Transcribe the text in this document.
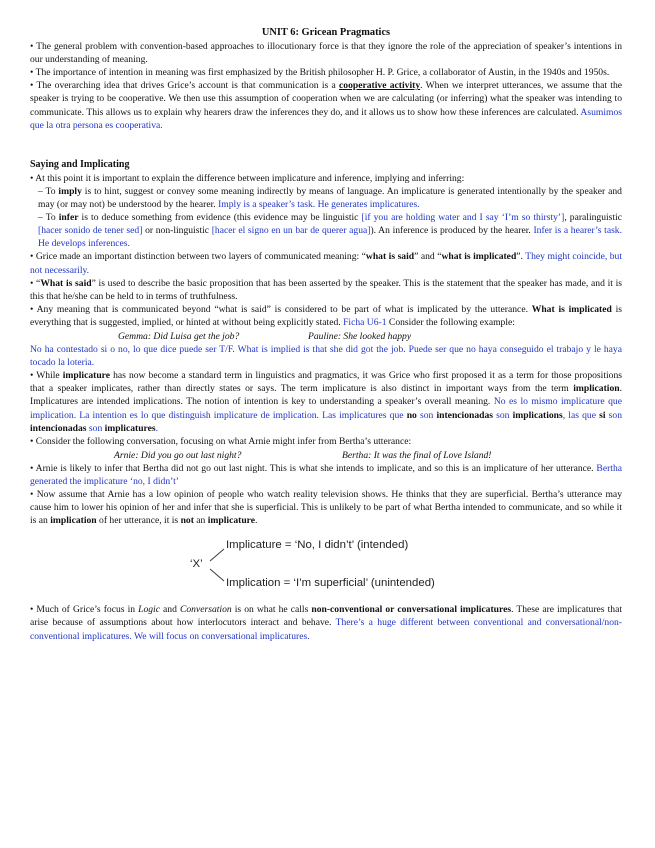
UNIT 6: Gricean Pragmatics

• The general problem with convention-based approaches to illocutionary force is that they ignore the role of the appreciation of speaker’s intentions in our understanding of meaning.

• The importance of intention in meaning was first emphasized by the British philosopher H. P. Grice, a collaborator of Austin, in the 1940s and 1950s.

• The overarching idea that drives Grice’s account is that communication is a cooperative activity. When we interpret utterances, we assume that the speaker is trying to be cooperative. We then use this assumption of cooperation when we are calculating (or inferring) what the speaker was intending to communicate. This allows us to explain why hearers draw the inferences they do, and it allows us to show how these inferences are calculated. Asumimos que la otra persona es cooperativa.

Saying and Implicating

• At this point it is important to explain the difference between implicature and inference, implying and inferring:

– To imply is to hint, suggest or convey some meaning indirectly by means of language. An implicature is generated intentionally by the speaker and may (or may not) be understood by the hearer. Imply is a speaker’s task. He generates implicatures.

– To infer is to deduce something from evidence (this evidence may be linguistic [if you are holding water and I say ‘I’m so thirsty’], paralinguistic [hacer sonido de tener sed] or non-linguistic [hacer el signo en un bar de querer agua]). An inference is produced by the hearer. Infer is a hearer’s task. He develops inferences.

• Grice made an important distinction between two layers of communicated meaning: “what is said” and “what is implicated”. They might coincide, but not necessarily.

• “What is said” is used to describe the basic proposition that has been asserted by the speaker. This is the statement that the speaker has made, and it is this that he/she can be held to in terms of truthfulness.

• Any meaning that is communicated beyond “what is said” is considered to be part of what is implicated by the utterance. What is implicated is everything that is suggested, implied, or hinted at without being explicitly stated. Ficha U6-1 Consider the following example:

Gemma: Did Luisa get the job?	Pauline: She looked happy

No ha contestado si o no, lo que dice puede ser T/F. What is implied is that she did got the job. Puede ser que no haya conseguido el trabajo y le haya tocado la loteria.

• While implicature has now become a standard term in linguistics and pragmatics, it was Grice who first proposed it as a term for those propositions that a speaker implicates, rather than directly states or says. The term implicature is also distinct in important ways from the term implication. Implicatures are intended implications. The notion of intention is key to understanding a speaker’s overall meaning. No es lo mismo implicature que implication. La intention es lo que distinguish implicature de implication. Las implicatures que no son intencionadas son implications, las que si son intencionadas son implicatures.

• Consider the following conversation, focusing on what Arnie might infer from Bertha’s utterance:

Arnie: Did you go out last night?	Bertha: It was the final of Love Island!

• Arnie is likely to infer that Bertha did not go out last night. This is what she intends to implicate, and so this is an implicature of her utterance. Bertha generated the implicature ‘no, I didn’t’

• Now assume that Arnie has a low opinion of people who watch reality television shows. He thinks that they are superficial. Bertha’s utterance may cause him to lower his opinion of her and infer that she is superficial. This is unlikely to be part of what Bertha intended to communicate, and so while it is an implication of her utterance, it is not an implicature.

‘X’
Implicature = ‘No, I didn’t’ (intended)
Implication = ‘I’m superficial’ (unintended)

• Much of Grice’s focus in Logic and Conversation is on what he calls non-conventional or conversational implicatures. These are implicatures that arise because of assumptions about how interlocutors interact and behave. There’s a huge different between conventional and conversational/non-conventional implicatures. We will focus on conversational implicatures.
